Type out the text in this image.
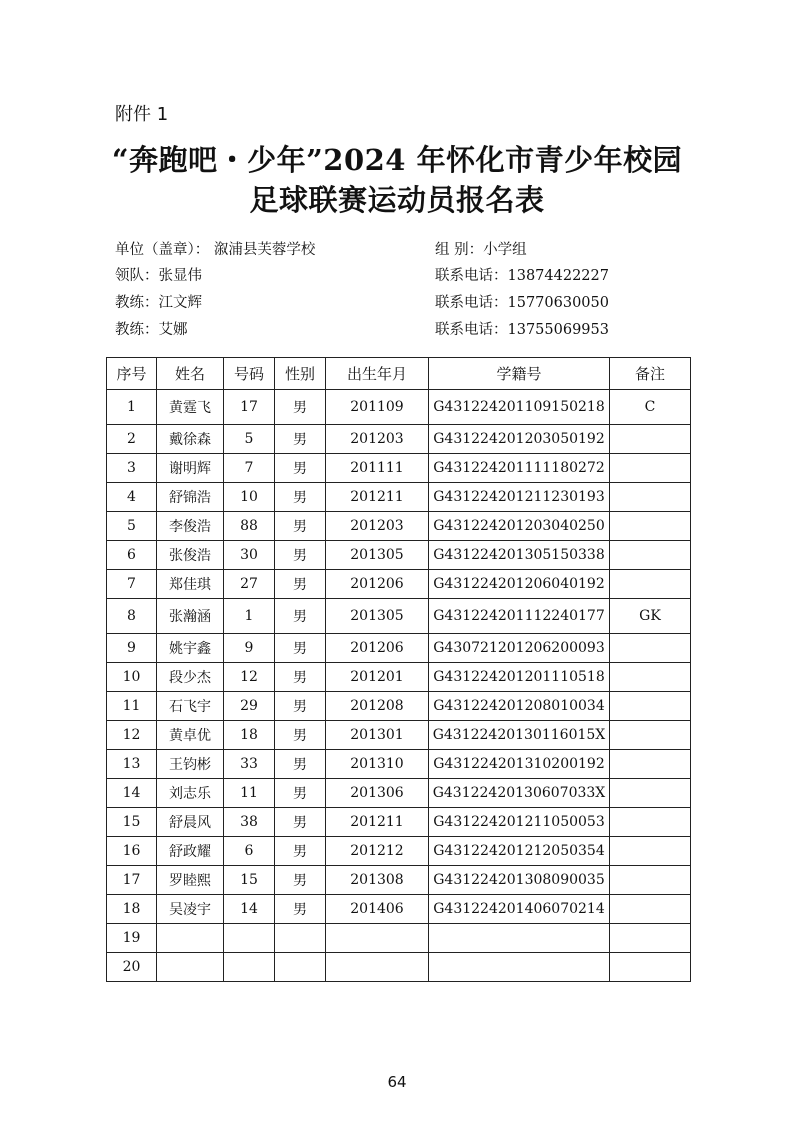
附件 1
“奔跑吧・少年”2024 年怀化市青少年校园
足球联赛运动员报名表
单位（盖章）： 溆浦县芙蓉学校	组 别：小学组
领队：张显伟	联系电话：13874422227
教练：江文辉	联系电话：15770630050
教练：艾娜	联系电话：13755069953
序号	姓名	号码	性别	出生年月	学籍号	备注
1	黄霆飞	17	男	201109	G431224201109150218	C
2	戴徐森	5	男	201203	G431224201203050192	
3	谢明辉	7	男	201111	G431224201111180272	
4	舒锦浩	10	男	201211	G431224201211230193	
5	李俊浩	88	男	201203	G431224201203040250	
6	张俊浩	30	男	201305	G431224201305150338	
7	郑佳琪	27	男	201206	G431224201206040192	
8	张瀚涵	1	男	201305	G431224201112240177	GK
9	姚宇鑫	9	男	201206	G430721201206200093	
10	段少杰	12	男	201201	G431224201201110518	
11	石飞宇	29	男	201208	G431224201208010034	
12	黄卓优	18	男	201301	G43122420130116015X	
13	王钧彬	33	男	201310	G431224201310200192	
14	刘志乐	11	男	201306	G43122420130607033X	
15	舒晨风	38	男	201211	G431224201211050053	
16	舒政耀	6	男	201212	G431224201212050354	
17	罗睦熙	15	男	201308	G431224201308090035	
18	吴凌宇	14	男	201406	G431224201406070214	
19						
20						
64
